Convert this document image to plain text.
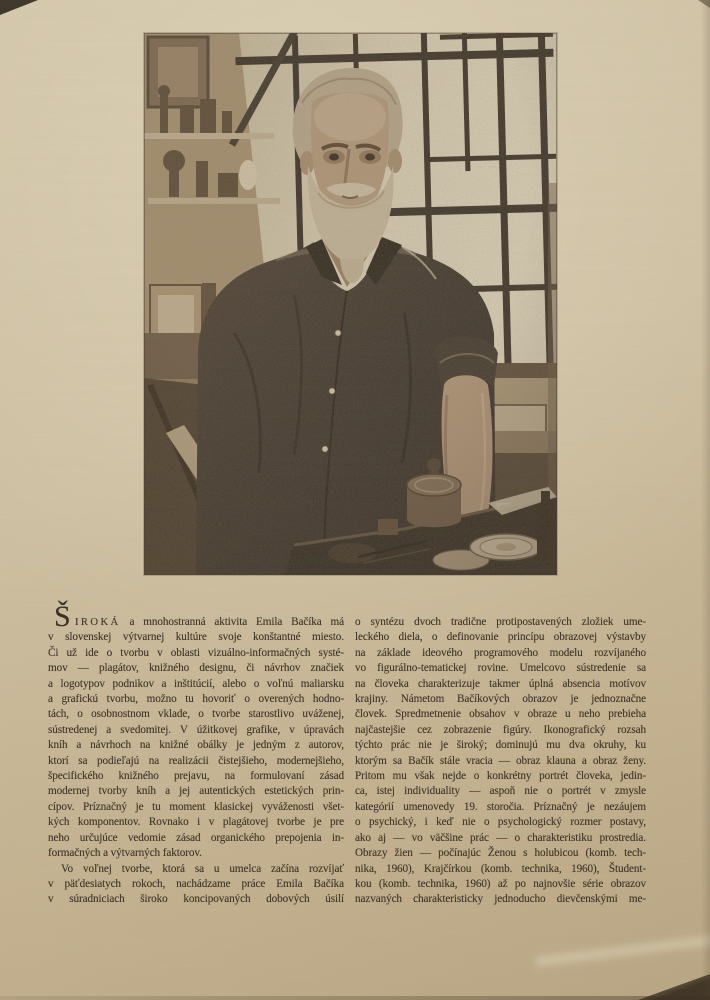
Š IROKÁ a mnohostranná aktivita Emila Bačíka má
v slovenskej výtvarnej kultúre svoje konštantné miesto.
Či už ide o tvorbu v oblasti vizuálno-informačných systé-
mov — plagátov, knižného designu, či návrhov značiek
a logotypov podnikov a inštitúcií, alebo o voľnú maliarsku
a grafickú tvorbu, možno tu hovoriť o overených hodno-
tách, o osobnostnom vklade, o tvorbe starostlivo uváženej,
sústredenej a svedomitej. V úžitkovej grafike, v úpravách
kníh a návrhoch na knižné obálky je jedným z autorov,
ktorí sa podieľajú na realizácii čistejšieho, modernejšieho,
špecifického knižného prejavu, na formulovaní zásad
modernej tvorby kníh a jej autentických estetických prin-
cípov. Príznačný je tu moment klasickej vyváženosti všet-
kých komponentov. Rovnako i v plagátovej tvorbe je pre
neho určujúce vedomie zásad organického prepojenia in-
formačných a výtvarných faktorov.
Vo voľnej tvorbe, ktorá sa u umelca začína rozvíjať
v päťdesiatych rokoch, nachádzame práce Emila Bačíka
v súradniciach široko koncipovaných dobových úsilí
o syntézu dvoch tradične protipostavených zložiek ume-
leckého diela, o definovanie princípu obrazovej výstavby
na základe ideového programového modelu rozvíjaného
vo figurálno-tematickej rovine. Umelcovo sústredenie sa
na človeka charakterizuje takmer úplná absencia motívov
krajiny. Námetom Bačíkových obrazov je jednoznačne
človek. Spredmetnenie obsahov v obraze u neho prebieha
najčastejšie cez zobrazenie figúry. Ikonografický rozsah
týchto prác nie je široký; dominujú mu dva okruhy, ku
ktorým sa Bačík stále vracia — obraz klauna a obraz ženy.
Pritom mu však nejde o konkrétny portrét človeka, jedin-
ca, istej individuality — aspoň nie o portrét v zmysle
kategórií umenovedy 19. storočia. Príznačný je nezáujem
o psychický, i keď nie o psychologický rozmer postavy,
ako aj — vo väčšine prác — o charakteristiku prostredia.
Obrazy žien — počínajúc Ženou s holubicou (komb. tech-
nika, 1960), Krajčírkou (komb. technika, 1960), Študent-
kou (komb. technika, 1960) až po najnovšie série obrazov
nazvaných charakteristicky jednoducho dievčenskými me-
